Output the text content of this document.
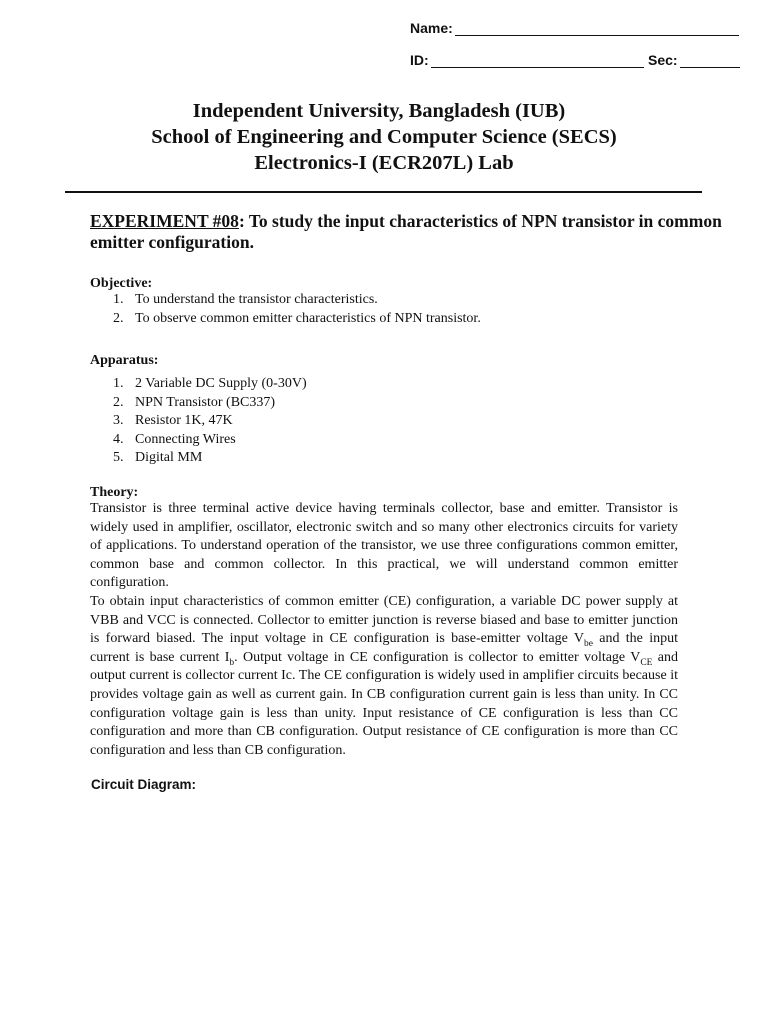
Name:
ID:	Sec:
Independent University, Bangladesh (IUB)
School of Engineering and Computer Science (SECS)
Electronics-I (ECR207L) Lab
EXPERIMENT #08: To study the input characteristics of NPN transistor in common emitter configuration.
Objective:
1. To understand the transistor characteristics.
2. To observe common emitter characteristics of NPN transistor.
Apparatus:
1. 2 Variable DC Supply (0-30V)
2. NPN Transistor (BC337)
3. Resistor 1K, 47K
4. Connecting Wires
5. Digital MM
Theory:

Transistor is three terminal active device having terminals collector, base and emitter. Transistor is widely used in amplifier, oscillator, electronic switch and so many other electronics circuits for variety of applications. To understand operation of the transistor, we use three configurations common emitter, common base and common collector. In this practical, we will understand common emitter configuration.

To obtain input characteristics of common emitter (CE) configuration, a variable DC power supply at VBB and VCC is connected. Collector to emitter junction is reverse biased and base to emitter junction is forward biased. The input voltage in CE configuration is base-emitter voltage $V_{be}$ and the input current is base current $I_b$. Output voltage in CE configuration is collector to emitter voltage $V_{CE}$ and output current is collector current Ic. The CE configuration is widely used in amplifier circuits because it provides voltage gain as well as current gain. In CB configuration current gain is less than unity. In CC configuration voltage gain is less than unity. Input resistance of CE configuration is less than CC configuration and more than CB configuration. Output resistance of CE configuration is more than CC configuration and less than CB configuration.

Circuit Diagram:
